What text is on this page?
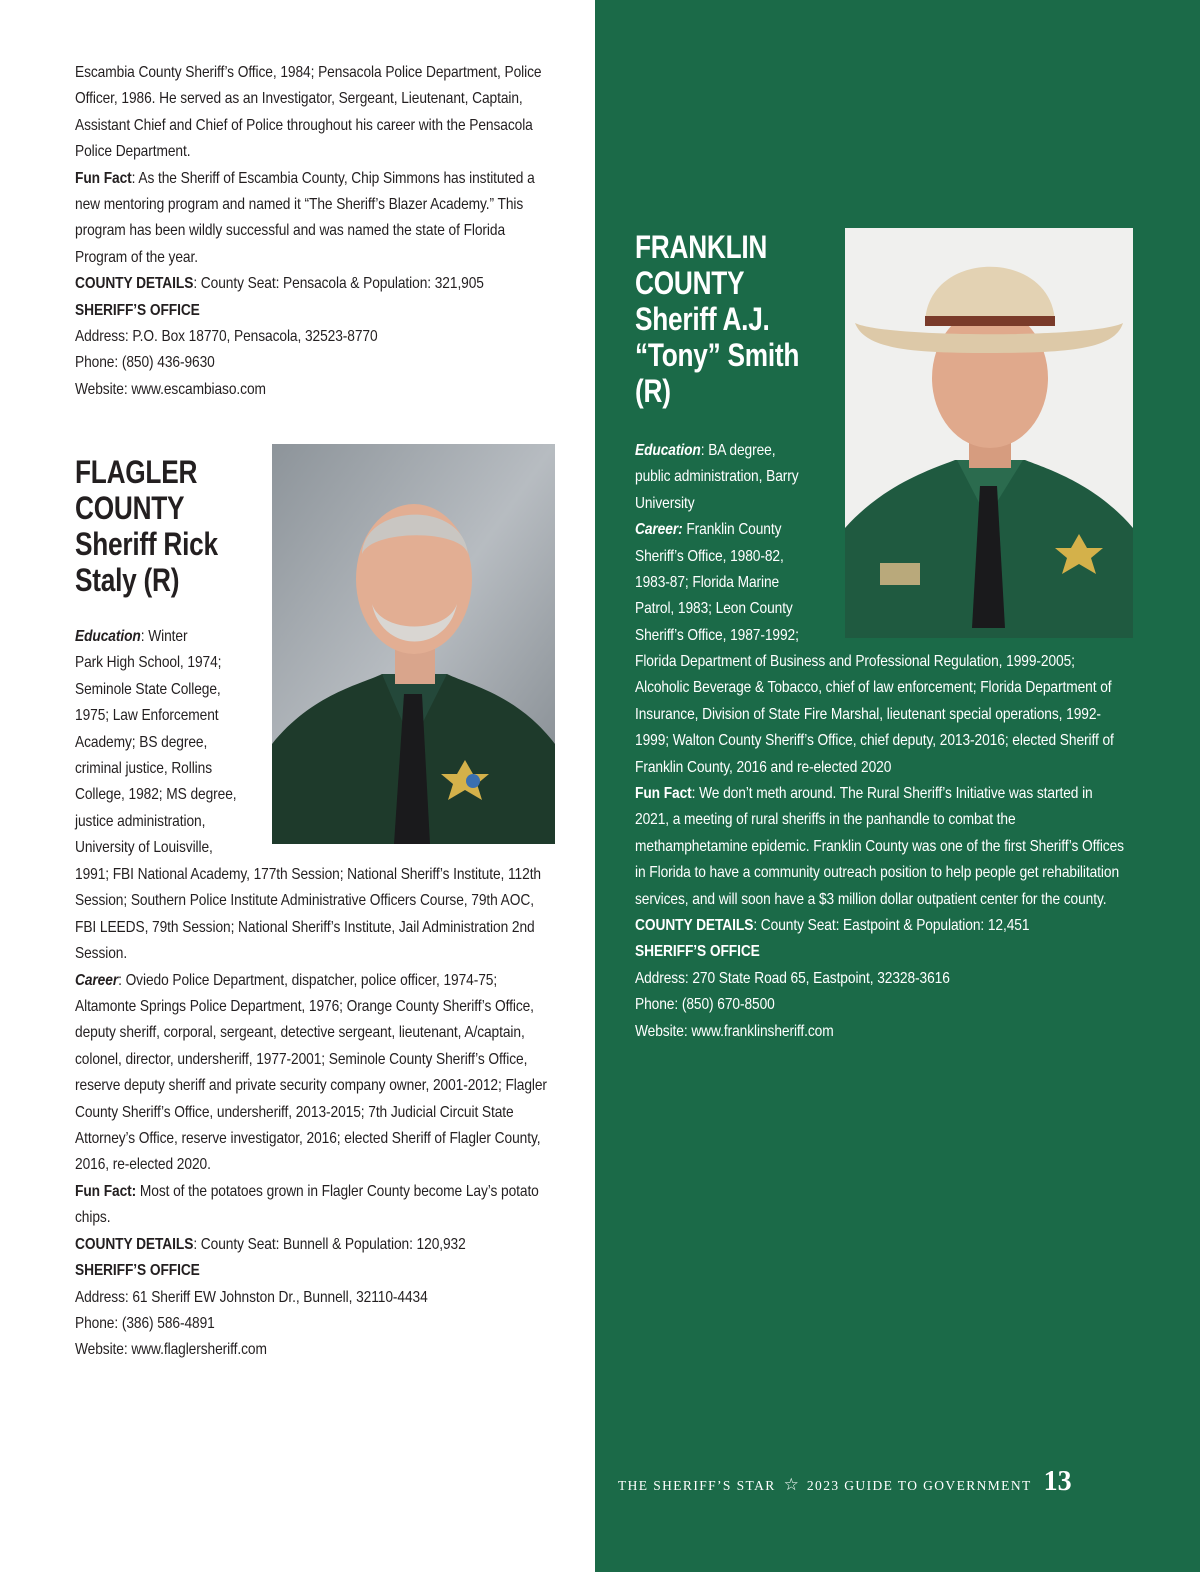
Escambia County Sheriff’s Office, 1984; Pensacola Police Department, Police Officer, 1986. He served as an Investigator, Sergeant, Lieutenant, Captain, Assistant Chief and Chief of Police throughout his career with the Pensacola Police Department.

Fun Fact: As the Sheriff of Escambia County, Chip Simmons has instituted a new mentoring program and named it “The Sheriff’s Blazer Academy.” This program has been wildly successful and was named the state of Florida Program of the year.

COUNTY DETAILS: County Seat: Pensacola & Population: 321,905

SHERIFF’S OFFICE

Address: P.O. Box 18770, Pensacola, 32523-8770

Phone: (850) 436-9630

Website: www.escambiaso.com

FLAGLER
COUNTY
Sheriff Rick
Staly (R)
Education: Winter
Park High School, 1974;
Seminole State College,
1975; Law Enforcement
Academy; BS degree,
criminal justice, Rollins
College, 1982; MS degree,
justice administration,
University of Louisville,

1991; FBI National Academy, 177th Session; National Sheriff’s Institute, 112th Session; Southern Police Institute Administrative Officers Course, 79th AOC, FBI LEEDS, 79th Session; National Sheriff’s Institute, Jail Administration 2nd Session.

Career: Oviedo Police Department, dispatcher, police officer, 1974-75; Altamonte Springs Police Department, 1976; Orange County Sheriff’s Office, deputy sheriff, corporal, sergeant, detective sergeant, lieutenant, A/captain, colonel, director, undersheriff, 1977-2001; Seminole County Sheriff’s Office, reserve deputy sheriff and private security company owner, 2001-2012; Flagler County Sheriff’s Office, undersheriff, 2013-2015; 7th Judicial Circuit State Attorney’s Office, reserve investigator, 2016; elected Sheriff of Flagler County, 2016, re-elected 2020.

Fun Fact: Most of the potatoes grown in Flagler County become Lay’s potato chips.

COUNTY DETAILS: County Seat: Bunnell & Population: 120,932

SHERIFF’S OFFICE

Address: 61 Sheriff EW Johnston Dr., Bunnell, 32110-4434

Phone: (386) 586-4891

Website: www.flaglersheriff.com

FRANKLIN
COUNTY
Sheriff A.J.
“Tony” Smith
(R)
Education: BA degree,
public administration, Barry
University
Career: Franklin County
Sheriff’s Office, 1980-82,
1983-87; Florida Marine
Patrol, 1983; Leon County
Sheriff’s Office, 1987-1992;

Florida Department of Business and Professional Regulation, 1999-2005; Alcoholic Beverage & Tobacco, chief of law enforcement; Florida Department of Insurance, Division of State Fire Marshal, lieutenant special operations, 1992-1999; Walton County Sheriff’s Office, chief deputy, 2013-2016; elected Sheriff of Franklin County, 2016 and re-elected 2020

Fun Fact: We don’t meth around. The Rural Sheriff’s Initiative was started in 2021, a meeting of rural sheriffs in the panhandle to combat the methamphetamine epidemic. Franklin County was one of the first Sheriff’s Offices in Florida to have a community outreach position to help people get rehabilitation services, and will soon have a $3 million dollar outpatient center for the county.

COUNTY DETAILS: County Seat: Eastpoint & Population: 12,451

SHERIFF’S OFFICE

Address: 270 State Road 65, Eastpoint, 32328-3616

Phone: (850) 670-8500

Website: www.franklinsheriff.com

THE SHERIFF’S STAR ☆ 2023 GUIDE TO GOVERNMENT 13
